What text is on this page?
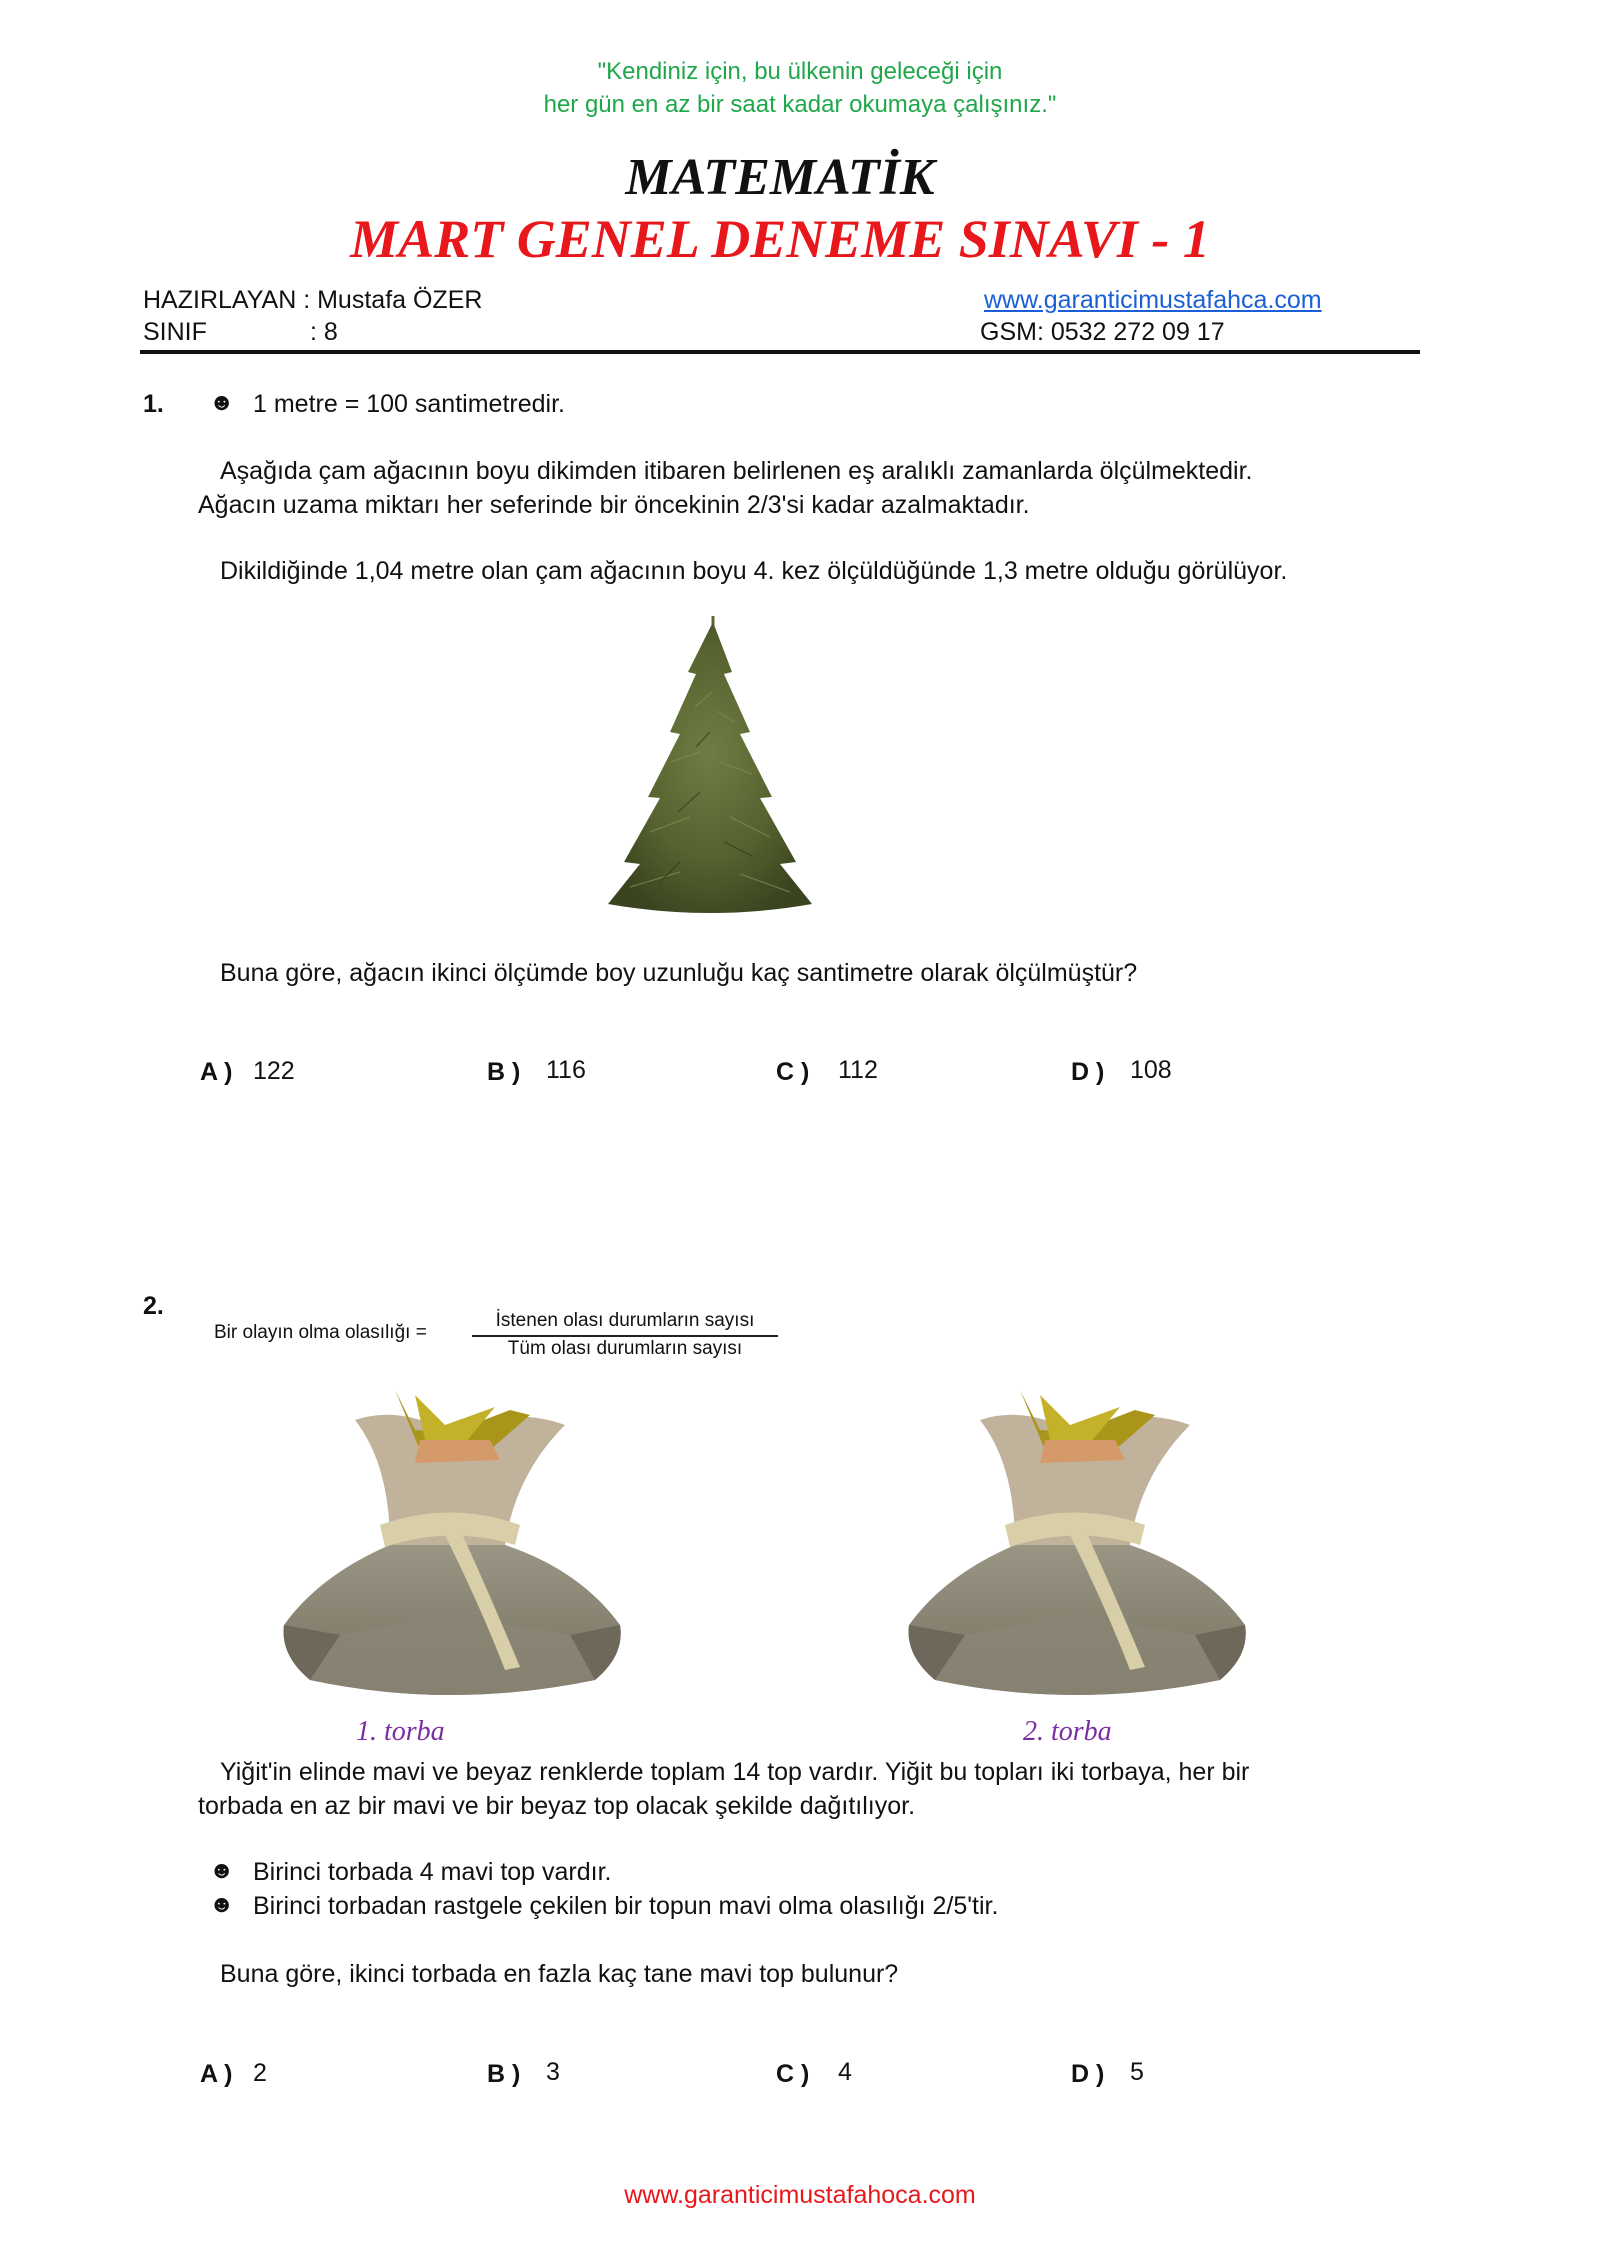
"Kendiniz için, bu ülkenin geleceği için
her gün en az bir saat kadar okumaya çalışınız."
MATEMATİK
MART GENEL DENEME SINAVI - 1
HAZIRLAYAN : Mustafa ÖZER
SINIF	: 8
www.garanticimustafahca.com
GSM: 0532 272 09 17
1. ☻ 1 metre = 100 santimetredir.
Aşağıda çam ağacının boyu dikimden itibaren belirlenen eş aralıklı zamanlarda ölçülmektedir.
Ağacın uzama miktarı her seferinde bir öncekinin 2/3'si kadar azalmaktadır.
Dikildiğinde 1,04 metre olan çam ağacının boyu 4. kez ölçüldüğünde 1,3 metre olduğu görülüyor.
Buna göre, ağacın ikinci ölçümde boy uzunluğu kaç santimetre olarak ölçülmüştür?
A ) 122	B ) 116	C ) 112	D ) 108
2.
Bir olayın olma olasılığı =
İstenen olası durumların sayısı
Tüm olası durumların sayısı
1. torba	2. torba
Yiğit'in elinde mavi ve beyaz renklerde toplam 14 top vardır. Yiğit bu topları iki torbaya, her bir
torbada en az bir mavi ve bir beyaz top olacak şekilde dağıtılıyor.
☻ Birinci torbada 4 mavi top vardır.
☻ Birinci torbadan rastgele çekilen bir topun mavi olma olasılığı 2/5'tir.
Buna göre, ikinci torbada en fazla kaç tane mavi top bulunur?
A ) 2	B ) 3	C ) 4	D ) 5
www.garanticimustafahoca.com
